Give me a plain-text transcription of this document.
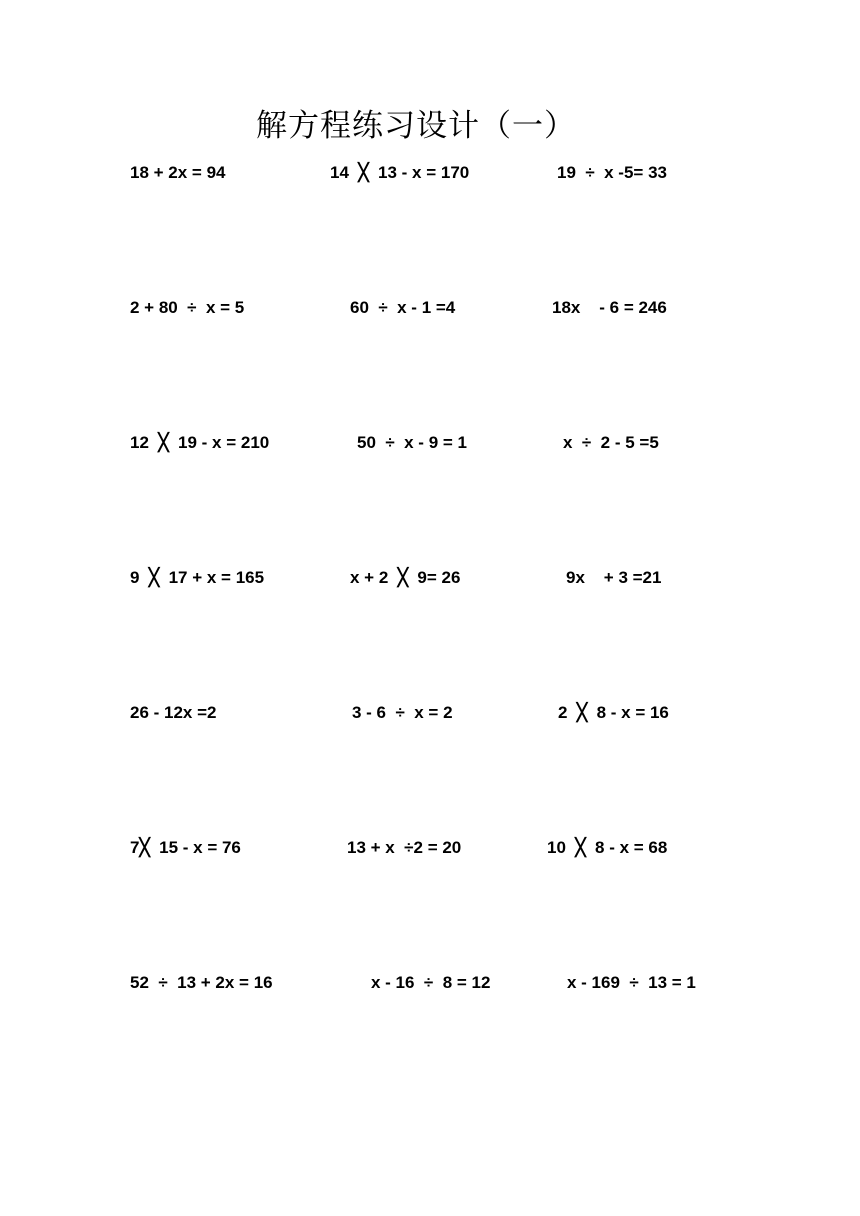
解方程练习设计（一）
18 + 2x = 94	14  ╳  13 - x = 170	19  ÷  x -5= 33
2 + 80  ÷  x = 5	60  ÷  x - 1 =4	18x    - 6 = 246
12  ╳  19 - x = 210	50  ÷  x - 9 = 1	x  ÷  2 - 5 =5
9  ╳  17 + x = 165	x + 2  ╳  9= 26	9x    + 3 =21
26 - 12x =2	3 - 6  ÷  x = 2	2  ╳  8 - x = 16
7╳  15 - x = 76	13 + x  ÷2 = 20	10  ╳  8 - x = 68
52  ÷  13 + 2x = 16	x - 16  ÷  8 = 12	x - 169  ÷  13 = 1
